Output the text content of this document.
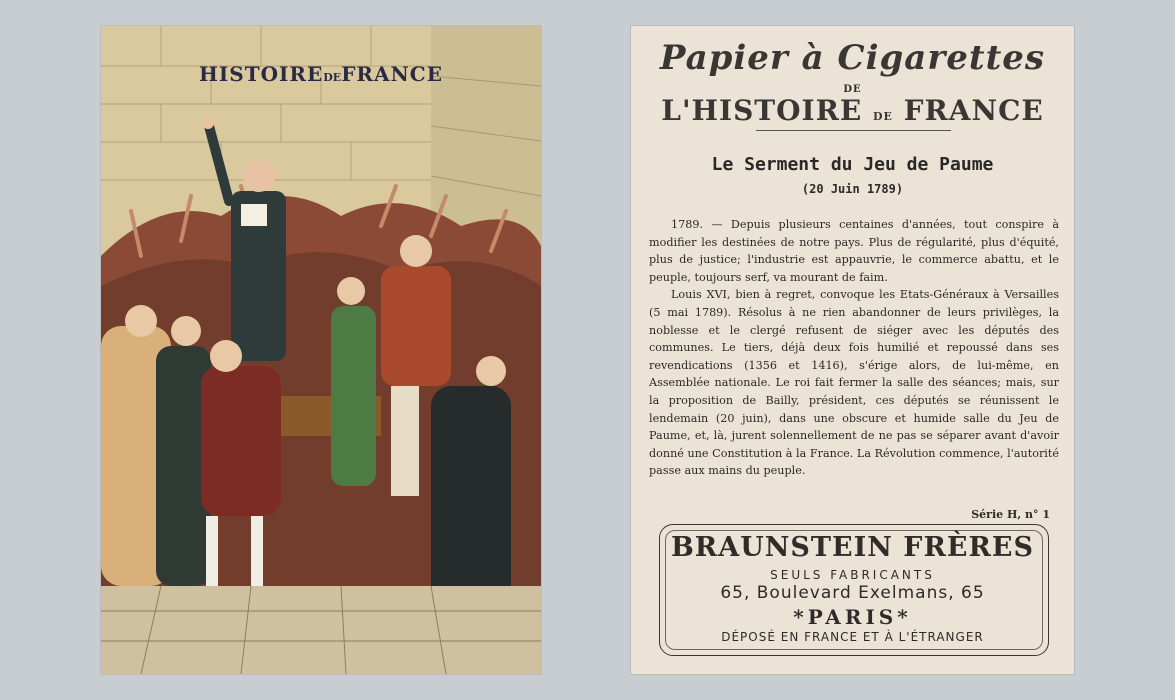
HISTOIREDEFRANCE	Papier à Cigarettes
DE
L'HISTOIRE DE FRANCE
Le Serment du Jeu de Paume
(20 Juin 1789)

1789. — Depuis plusieurs centaines d'années, tout conspire à modifier les destinées de notre pays. Plus de régularité, plus d'équité, plus de justice; l'industrie est appauvrie, le commerce abattu, et le peuple, toujours serf, va mourant de faim.

Louis XVI, bien à regret, convoque les Etats-Généraux à Versailles (5 mai 1789). Résolus à ne rien abandonner de leurs privilèges, la noblesse et le clergé refusent de siéger avec les députés des communes. Le tiers, déjà deux fois humilié et repoussé dans ses revendications (1356 et 1416), s'érige alors, de lui-même, en Assemblée nationale. Le roi fait fermer la salle des séances; mais, sur la proposition de Bailly, président, ces députés se réunissent le lendemain (20 juin), dans une obscure et humide salle du Jeu de Paume, et, là, jurent solennellement de ne pas se séparer avant d'avoir donné une Constitution à la France. La Révolution commence, l'autorité passe aux mains du peuple.

Série H, n° 1
BRAUNSTEIN FRÈRES
SEULS FABRICANTS
65, Boulevard Exelmans, 65
*PARIS*
DÉPOSÉ EN FRANCE ET À L'ÉTRANGER
